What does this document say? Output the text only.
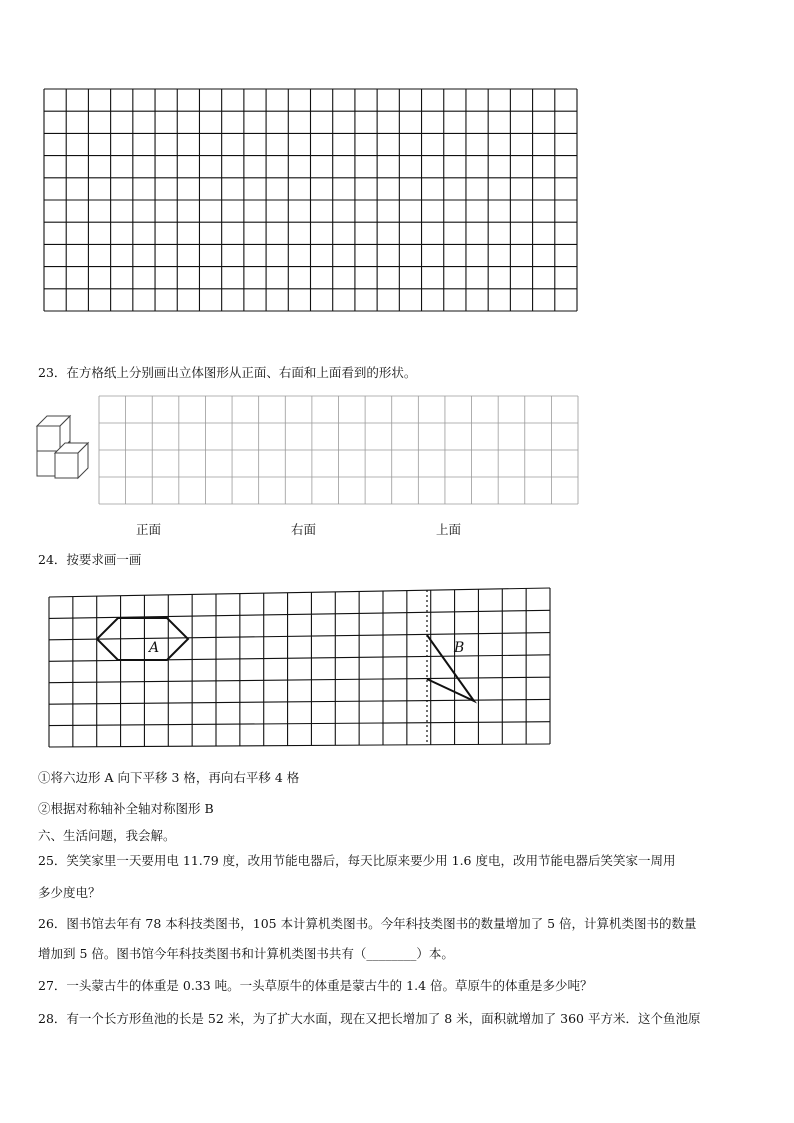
23．在方格纸上分别画出立体图形从正面、右面和上面看到的形状。
正面	右面	上面
24．按要求画一画
A	B
①将六边形 A 向下平移 3 格，再向右平移 4 格
②根据对称轴补全轴对称图形 B
六、生活问题，我会解。
25．笑笑家里一天要用电 11.79 度，改用节能电器后，每天比原来要少用 1.6 度电，改用节能电器后笑笑家一周用
多少度电？
26．图书馆去年有 78 本科技类图书，105 本计算机类图书。今年科技类图书的数量增加了 5 倍，计算机类图书的数量
增加到 5 倍。图书馆今年科技类图书和计算机类图书共有（________）本。
27．一头蒙古牛的体重是 0.33 吨。一头草原牛的体重是蒙古牛的 1.4 倍。草原牛的体重是多少吨？
28．有一个长方形鱼池的长是 52 米，为了扩大水面，现在又把长增加了 8 米，面积就增加了 360 平方米．这个鱼池原
